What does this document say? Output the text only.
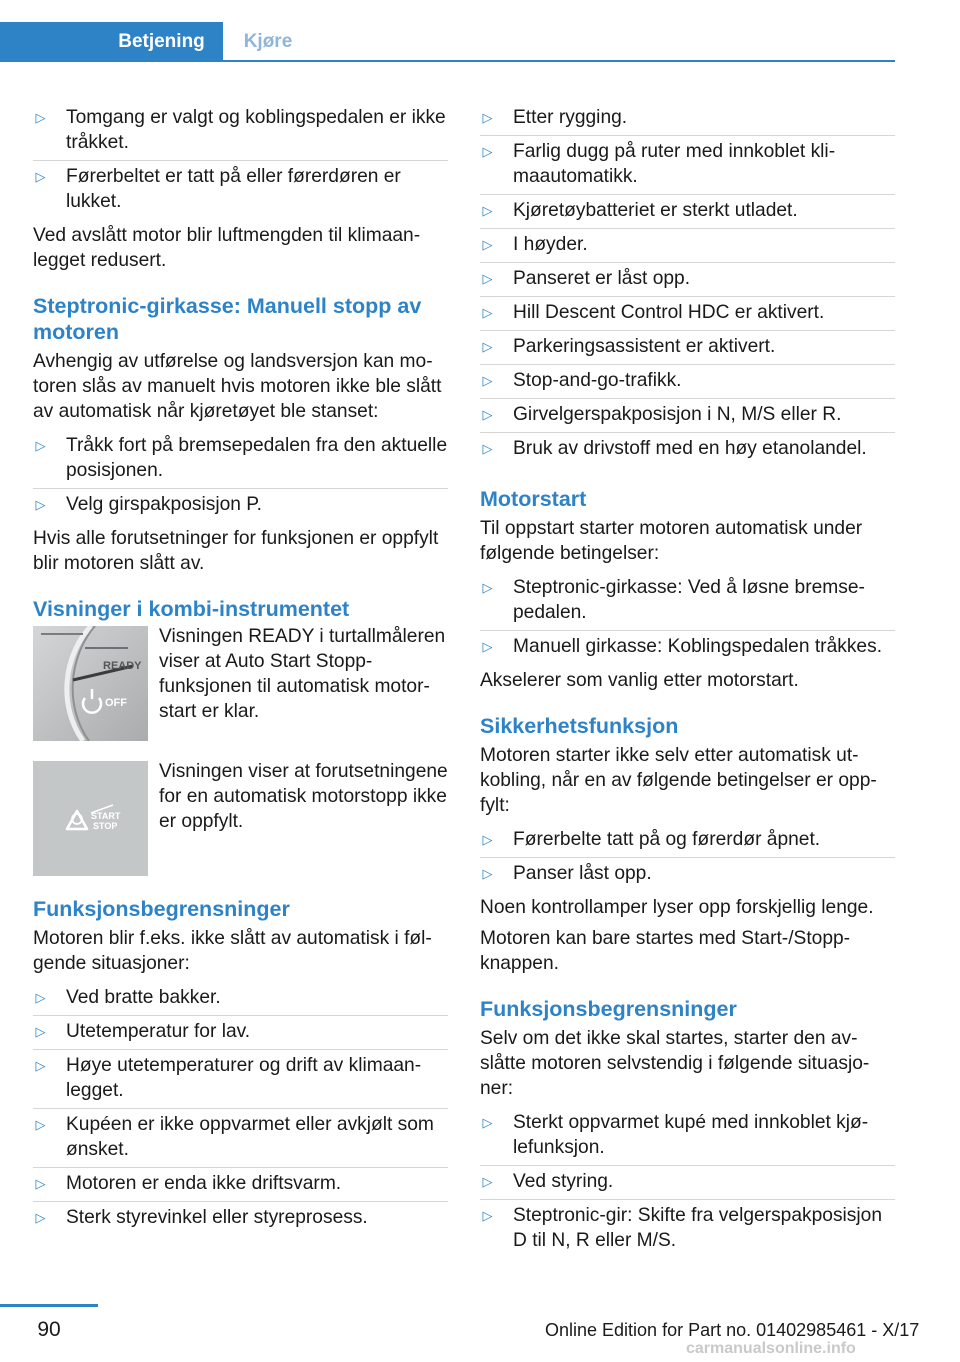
Betjening	Kjøre
▷ Tomgang er valgt og koblingspedalen er ikke tråkket.
▷ Førerbeltet er tatt på eller førerdøren er lukket.

Ved avslått motor blir luftmengden til klimaanlegget redusert.

Steptronic-girkasse: Manuell stopp av motoren

Avhengig av utførelse og landsversjon kan motoren slås av manuelt hvis motoren ikke ble slått av automatisk når kjøretøyet ble stanset:

▷ Tråkk fort på bremsepedalen fra den aktuelle posisjonen.
▷ Velg girspakposisjon P.

Hvis alle forutsetninger for funksjonen er oppfylt blir motoren slått av.

Visninger i kombi-instrumentet
READY
OFF
Visningen READY i turtallmåleren viser at Auto Start Stopp-funksjonen til automatisk motorstart er klar.
START
STOP
Visningen viser at forutsetningene for en automatisk motorstopp ikke er oppfylt.
Funksjonsbegrensninger

Motoren blir f.eks. ikke slått av automatisk i følgende situasjoner:

▷ Ved bratte bakker.
▷ Utetemperatur for lav.
▷ Høye utetemperaturer og drift av klimaanlegget.
▷ Kupéen er ikke oppvarmet eller avkjølt som ønsket.
▷ Motoren er enda ikke driftsvarm.
▷ Sterk styrevinkel eller styreprosess.
▷ Etter rygging.
▷ Farlig dugg på ruter med innkoblet klimaautomatikk.
▷ Kjøretøybatteriet er sterkt utladet.
▷ I høyder.
▷ Panseret er låst opp.
▷ Hill Descent Control HDC er aktivert.
▷ Parkeringsassistent er aktivert.
▷ Stop-and-go-trafikk.
▷ Girvelgerspakposisjon i N, M/S eller R.
▷ Bruk av drivstoff med en høy etanolandel.
Motorstart

Til oppstart starter motoren automatisk under følgende betingelser:

▷ Steptronic-girkasse: Ved å løsne bremsepedalen.
▷ Manuell girkasse: Koblingspedalen tråkkes.

Akselerer som vanlig etter motorstart.

Sikkerhetsfunksjon

Motoren starter ikke selv etter automatisk utkobling, når en av følgende betingelser er oppfylt:

▷ Førerbelte tatt på og førerdør åpnet.
▷ Panser låst opp.

Noen kontrollamper lyser opp forskjellig lenge.

Motoren kan bare startes med Start-/Stopp-knappen.

Funksjonsbegrensninger

Selv om det ikke skal startes, starter den avslåtte motoren selvstendig i følgende situasjoner:

▷ Sterkt oppvarmet kupé med innkoblet kjølefunksjon.
▷ Ved styring.
▷ Steptronic-gir: Skifte fra velgerspakposisjon D til N, R eller M/S.
90	Online Edition for Part no. 01402985461 - X/17
carmanualsonline.info
